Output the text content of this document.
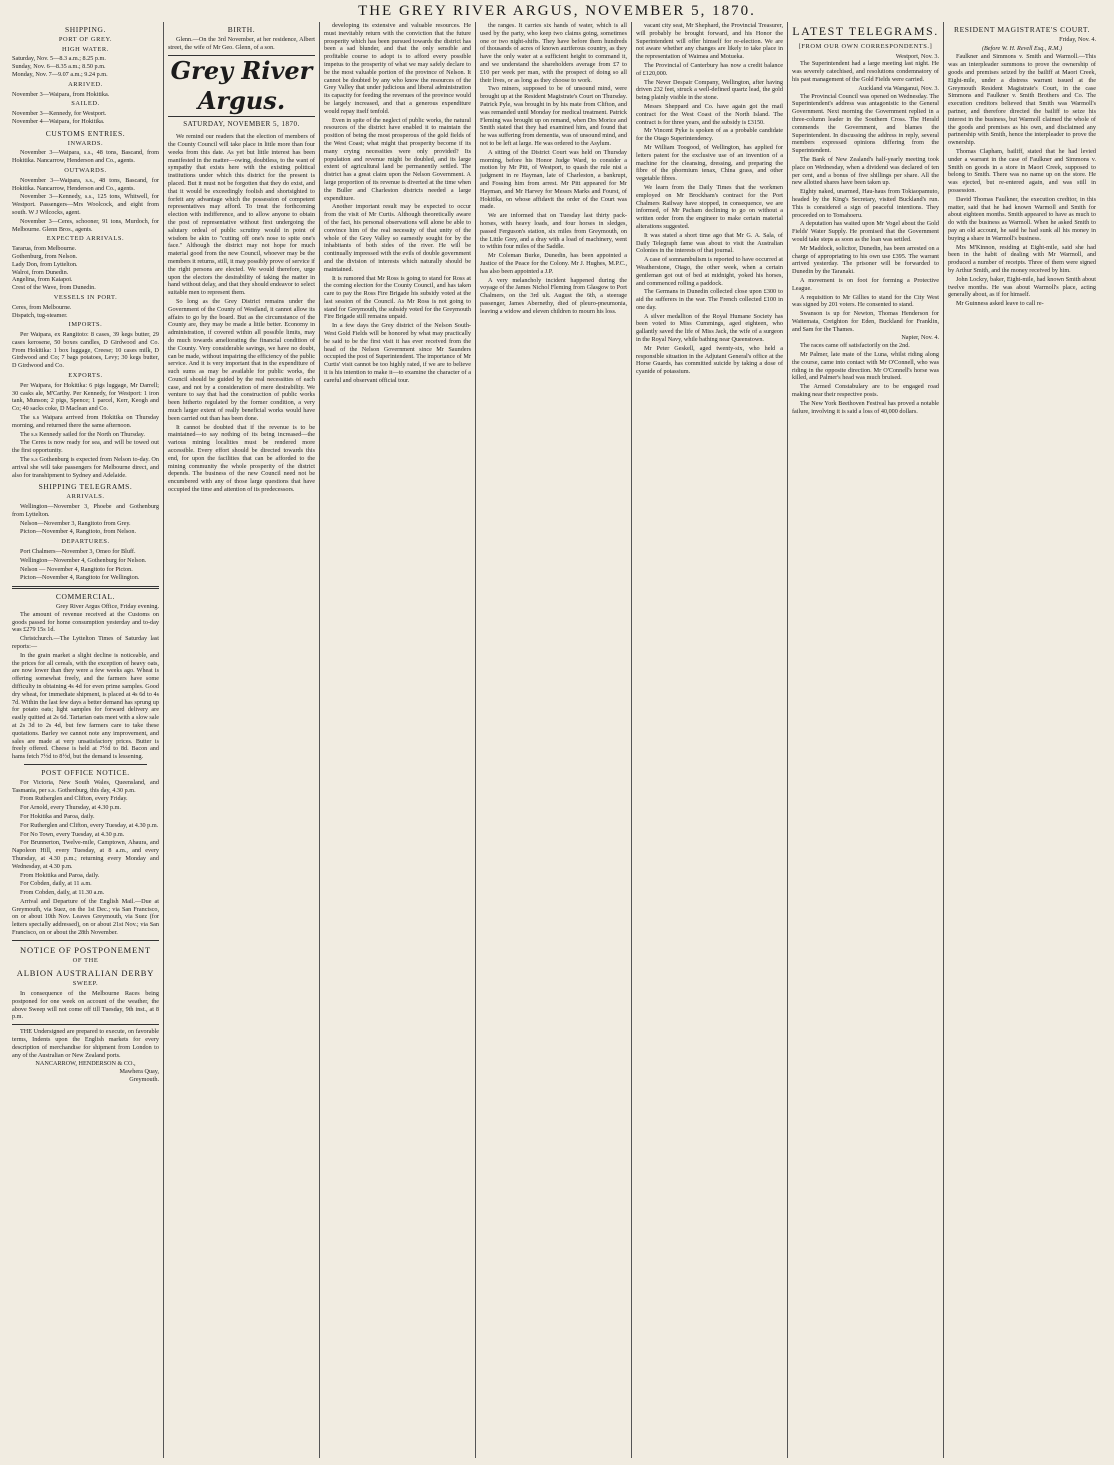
THE GREY RIVER ARGUS, NOVEMBER 5, 1870.
SHIPPING.
PORT OF GREY.
HIGH WATER.

Saturday, Nov. 5—8.3 a.m.; 8.25 p.m.

Sunday, Nov. 6—8.35 a.m.; 8.50 p.m.

Monday, Nov. 7—9.07 a.m.; 9.24 p.m.

ARRIVED.

November 3—Waipara, from Hokitika.

SAILED.

November 3—Kennedy, for Westport.

November 4—Waipara, for Hokitika.

CUSTOMS ENTRIES.
INWARDS.

November 3—Waipara, s.s., 48 tons, Bascand, from Hokitika. Nancarrow, Henderson and Co., agents.

OUTWARDS.

November 3—Waipara, s.s., 48 tons, Bascand, for Hokitika. Nancarrow, Henderson and Co., agents.

November 3—Kennedy, s.s., 125 tons, Whitwell, for Westport. Passengers—Mrs Woolcock, and eight from south. W J Wilcocks, agent.

November 3—Ceres, schooner, 91 tons, Murdoch, for Melbourne. Glenn Bros., agents.

EXPECTED ARRIVALS.

Tararua, from Melbourne.

Gothenburg, from Nelson.

Lady Don, from Lyttelton.

Walroi, from Dunedin.

Angelina, from Kaiapoi.

Crest of the Wave, from Dunedin.

VESSELS IN PORT.

Ceres, from Melbourne.

Dispatch, tug-steamer.

IMPORTS.

Per Waipara, ex Rangitoto: 8 cases, 39 kegs butter, 29 cases kerosene, 50 boxes candles, D Girdwood and Co. From Hokitika: 1 box luggage, Creese; 10 cases milk, D Girdwood and Co; 7 bags potatoes, Levy; 30 kegs butter, D Girdwood and Co.

EXPORTS.

Per Waipara, for Hokitika: 6 pigs luggage, Mr Darrell; 30 casks ale, M'Carthy. Per Kennedy, for Westport: 1 iron tank, Munson; 2 pigs, Spence; 1 parcel, Kerr, Keogh and Co; 40 sacks coke, D Maclean and Co.

The s.s Waipara arrived from Hokitika on Thursday morning, and returned there the same afternoon.

The s.s Kennedy sailed for the North on Thursday.

The Ceres is now ready for sea, and will be towed out the first opportunity.

The s.s Gothenburg is expected from Nelson to-day. On arrival she will take passengers for Melbourne direct, and also for transhipment to Sydney and Adelaide.

SHIPPING TELEGRAMS.
ARRIVALS.

Wellington—November 3, Phoebe and Gothenburg from Lyttelton.

Nelson—November 3, Rangitoto from Grey.

Picton—November 4, Rangitoto, from Nelson.

DEPARTURES.

Port Chalmers—November 3, Omeo for Bluff.

Wellington—November 4, Gothenburg for Nelson.

Nelson — November 4, Rangitoto for Picton.

Picton—November 4, Rangitoto for Wellington.

COMMERCIAL.

Grey River Argus Office, Friday evening.

The amount of revenue received at the Customs on goods passed for home consumption yesterday and to-day was £279 15s 1d.

Christchurch.—The Lyttelton Times of Saturday last reports:—

In the grain market a slight decline is noticeable, and the prices for all cereals, with the exception of heavy oats, are now lower than they were a few weeks ago. Wheat is offering somewhat freely, and the farmers have some difficulty in obtaining 4s 4d for even prime samples. Good dry wheat, for immediate shipment, is placed at 4s 6d to 4s 7d. Within the last few days a better demand has sprung up for potato oats; light samples for forward delivery are easily quitted at 2s 6d. Tartarian oats meet with a slow sale at 2s 3d to 2s 4d, but few farmers care to take these quotations. Barley we cannot note any improvement, and sales are made at very unsatisfactory prices. Butter is freely offered. Cheese is held at 7½d to 8d. Bacon and hams fetch 7½d to 8½d, but the demand is lessening.

POST OFFICE NOTICE.

For Victoria, New South Wales, Queensland, and Tasmania, per s.s. Gothenburg, this day, 4.30 p.m.

From Rutherglen and Clifton, every Friday.

For Arnold, every Thursday, at 4.30 p.m.

For Hokitika and Paroa, daily.

For Rutherglen and Clifton, every Tuesday, at 4.30 p.m.

For No Town, every Tuesday, at 4.30 p.m.

For Brunnerton, Twelve-mile, Camptown, Ahaura, and Napoleon Hill, every Tuesday, at 8 a.m., and every Thursday, at 4.30 p.m.; returning every Monday and Wednesday, at 4.30 p.m.

From Hokitika and Paroa, daily.

For Cobden, daily, at 11 a.m.

From Cobden, daily, at 11.30 a.m.

Arrival and Departure of the English Mail.—Due at Greymouth, via Suez, on the 1st Dec.; via San Francisco, on or about 10th Nov. Leaves Greymouth, via Suez (for letters specially addressed), on or about 21st Nov.; via San Francisco, on or about the 28th November.

NOTICE OF POSTPONEMENT
OF THE
ALBION AUSTRALIAN DERBY
SWEEP.

In consequence of the Melbourne Races being postponed for one week on account of the weather, the above Sweep will not come off till Tuesday, 9th inst., at 8 p.m.

THE Undersigned are prepared to execute, on favorable terms, Indents upon the English markets for every description of merchandise for shipment from London to any of the Australian or New Zealand ports.

NANCARROW, HENDERSON & CO.,

Mawhera Quay,

Greymouth.

BIRTH.

Glenn.—On the 3rd November, at her residence, Albert street, the wife of Mr Geo. Glenn, of a son.

Grey River Argus.
SATURDAY, NOVEMBER 5, 1870.

We remind our readers that the election of members of the County Council will take place in little more than four weeks from this date. As yet but little interest has been manifested in the matter—owing, doubtless, to the want of sympathy that exists here with the existing political institutions under which this district for the present is placed. But it must not be forgotten that they do exist, and that it would be exceedingly foolish and shortsighted to forfeit any advantage which the possession of competent representatives may afford. To treat the forthcoming election with indifference, and to allow anyone to obtain the post of representative without first undergoing the salutary ordeal of public scrutiny would in point of wisdom be akin to "cutting off one's nose to spite one's face." Although the district may not hope for much material good from the new Council, whoever may be the members it returns, still, it may possibly prove of service if the right persons are elected. We would therefore, urge upon the electors the desirability of taking the matter in hand without delay, and that they should endeavor to select suitable men to represent them.

So long as the Grey District remains under the Government of the County of Westland, it cannot allow its affairs to go by the board. But as the circumstance of the County are, they may be made a little better. Economy in administration, if covered within all possible limits, may do much towards ameliorating the financial condition of the County. Very considerable savings, we have no doubt, can be made, without impairing the efficiency of the public service. And it is very important that in the expenditure of such sums as may be available for public works, the Council should be guided by the real necessities of each case, and not by a consideration of mere desirability. We venture to say that had the construction of public works been hitherto regulated by the former condition, a very much larger extent of really beneficial works would have been carried out than has been done.

It cannot be doubted that if the revenue is to be maintained—to say nothing of its being increased—the various mining localities must be rendered more accessible. Every effort should be directed towards this end, for upon the facilities that can be afforded to the mining community the whole prosperity of the district depends. The business of the new Council need not be encumbered with any of those large questions that have occupied the time and attention of its predecessors.

developing its extensive and valuable resources. He must inevitably return with the conviction that the future prosperity which has been pursued towards the district has been a sad blunder, and that the only sensible and profitable course to adopt is to afford every possible impetus to the prosperity of what we may safely declare to be the most valuable portion of the province of Nelson. It cannot be doubted by any who know the resources of the Grey Valley that under judicious and liberal administration its capacity for feeding the revenues of the province would be largely increased, and that a generous expenditure would repay itself tenfold.

Even in spite of the neglect of public works, the natural resources of the district have enabled it to maintain the position of being the most prosperous of the gold fields of the West Coast; what might that prosperity become if its many crying necessities were only provided? Its population and revenue might be doubled, and its large extent of agricultural land be permanently settled. The district has a great claim upon the Nelson Government. A large proportion of its revenue is diverted at the time when the Buller and Charleston districts needed a large expenditure.

Another important result may be expected to occur from the visit of Mr Curtis. Although theoretically aware of the fact, his personal observations will alone be able to convince him of the real necessity of that unity of the whole of the Grey Valley so earnestly sought for by the inhabitants of both sides of the river. He will be continually impressed with the evils of double government and the division of interests which naturally should be maintained.

It is rumored that Mr Ross is going to stand for Ross at the coming election for the County Council, and has taken care to pay the Ross Fire Brigade his subsidy voted at the last session of the Council. As Mr Ross is not going to stand for Greymouth, the subsidy voted for the Greymouth Fire Brigade still remains unpaid.

In a few days the Grey district of the Nelson South-West Gold Fields will be honored by what may practically be said to be the first visit it has ever received from the head of the Nelson Government since Mr Saunders occupied the post of Superintendent. The importance of Mr Curtis' visit cannot be too highly rated, if we are to believe it is his intention to make it—to examine the character of a careful and observant official tour.

the ranges. It carries six hands of water, which is all used by the party, who keep two claims going, sometimes one or two night-shifts. They have before them hundreds of thousands of acres of known auriferous country, as they have the only water at a sufficient height to command it, and we understand the shareholders average from £7 to £10 per week per man, with the prospect of doing so all their lives, or as long as they choose to work.

Two miners, supposed to be of unsound mind, were brought up at the Resident Magistrate's Court on Thursday. Patrick Pyle, was brought in by his mate from Clifton, and was remanded until Monday for medical treatment. Patrick Fleming was brought up on remand, when Drs Morice and Smith stated that they had examined him, and found that he was suffering from dementia, was of unsound mind, and not to be left at large. He was ordered to the Asylum.

A sitting of the District Court was held on Thursday morning, before his Honor Judge Ward, to consider a motion by Mr Pitt, of Westport, to quash the rule nisi a judgment in re Hayman, late of Charleston, a bankrupt, and Fossing him from arrest. Mr Pitt appeared for Mr Hayman, and Mr Harvey for Messrs Marks and Fourst, of Hokitika, on whose affidavit the order of the Court was made.

We are informed that on Tuesday last thirty pack-horses, with heavy loads, and four horses in sledges, passed Ferguson's station, six miles from Greymouth, on the Little Grey, and a dray with a load of machinery, went to within four miles of the Saddle.

Mr Coleman Burke, Dunedin, has been appointed a Justice of the Peace for the Colony. Mr J. Hughes, M.P.C., has also been appointed a J.P.

A very melancholy incident happened during the voyage of the James Nichol Fleming from Glasgow to Port Chalmers, on the 3rd ult. August the 6th, a steerage passenger, James Abernethy, died of pleuro-pneumonia, leaving a widow and eleven children to mourn his loss.

vacant city seat, Mr Shephard, the Provincial Treasurer, will probably be brought forward, and his Honor the Superintendent will offer himself for re-election. We are not aware whether any changes are likely to take place in the representation of Waimea and Motueka.

The Provincial of Canterbury has now a credit balance of £120,000.

The Never Despair Company, Wellington, after having driven 232 feet, struck a well-defined quartz lead, the gold being plainly visible in the stone.

Messrs Sheppard and Co. have again got the mail contract for the West Coast of the North Island. The contract is for three years, and the subsidy is £3150.

Mr Vincent Pyke is spoken of as a probable candidate for the Otago Superintendency.

Mr William Toogood, of Wellington, has applied for letters patent for the exclusive use of an invention of a machine for the cleansing, dressing, and preparing the fibre of the phormium tenax, China grass, and other vegetable fibres.

We learn from the Daily Times that the workmen employed on Mr Brockham's contract for the Port Chalmers Railway have stopped, in consequence, we are informed, of Mr Pacham declining to go on without a written order from the engineer to make certain material alterations suggested.

It was stated a short time ago that Mr G. A. Sala, of Daily Telegraph fame was about to visit the Australian Colonies in the interests of that journal.

A case of somnambulism is reported to have occurred at Weatherstone, Otago, the other week, when a certain gentleman got out of bed at midnight, yoked his horses, and commenced rolling a paddock.

The Germans in Dunedin collected close upon £300 to aid the sufferers in the war. The French collected £100 in one day.

A silver medallion of the Royal Humane Society has been voted to Miss Cummings, aged eighteen, who gallantly saved the life of Miss Jack, the wife of a surgeon in the Royal Navy, while bathing near Queenstown.

Mr Peter Geskell, aged twenty-six, who held a responsible situation in the Adjutant General's office at the Horse Guards, has committed suicide by taking a dose of cyanide of potassium.

LATEST TELEGRAMS.
[FROM OUR OWN CORRESPONDENTS.]

Westport, Nov. 3.

The Superintendent had a large meeting last night. He was severely catechised, and resolutions condemnatory of his past management of the Gold Fields were carried.

Auckland via Wanganui, Nov. 3.

The Provincial Council was opened on Wednesday. The Superintendent's address was antagonistic to the General Government. Next morning the Government replied in a three-column leader in the Southern Cross. The Herald commends the Government, and blames the Superintendent. In discussing the address in reply, several members expressed opinions differing from the Superintendent.

The Bank of New Zealand's half-yearly meeting took place on Wednesday, when a dividend was declared of ten per cent, and a bonus of five shillings per share. All the new allotted shares have been taken up.

Eighty naked, unarmed, Hau-haus from Tokiaopamuto, headed by the King's Secretary, visited Buckland's run. This is considered a sign of peaceful intentions. They proceeded on to Tomahoeru.

A deputation has waited upon Mr Vogel about the Gold Fields' Water Supply. He promised that the Government would take steps as soon as the loan was settled.

Mr Maddock, solicitor, Dunedin, has been arrested on a charge of appropriating to his own use £395. The warrant arrived yesterday. The prisoner will be forwarded to Dunedin by the Taranaki.

A movement is on foot for forming a Protective League.

A requisition to Mr Gillies to stand for the City West was signed by 201 voters. He consented to stand.

Swanson is up for Newton, Thomas Henderson for Waitemata, Creighton for Eden, Buckland for Franklin, and Sam for the Thames.

Napier, Nov. 4.

The races came off satisfactorily on the 2nd.

Mr Palmer, late mate of the Luna, whilst riding along the course, came into contact with Mr O'Connell, who was riding in the opposite direction. Mr O'Connell's horse was killed, and Palmer's head was much bruised.

The Armed Constabulary are to be engaged road making near their respective posts.

The New York Beethoven Festival has proved a notable failure, involving it is said a loss of 40,000 dollars.

RESIDENT MAGISTRATE'S COURT.

Friday, Nov. 4.

(Before W. H. Revell Esq., R.M.)

Faulkner and Simmons v. Smith and Warmoll.—This was an interpleader summons to prove the ownership of goods and premises seized by the bailiff at Maori Creek, Eight-mile, under a distress warrant issued at the Greymouth Resident Magistrate's Court, in the case Simmons and Faulkner v. Smith Brothers and Co. The execution creditors believed that Smith was Warmoll's partner, and therefore directed the bailiff to seize his interest in the business, but Warmoll claimed the whole of the goods and premises as his own, and disclaimed any partnership with Smith, hence the interpleader to prove the ownership.

Thomas Clapham, bailiff, stated that he had levied under a warrant in the case of Faulkner and Simmons v. Smith on goods in a store in Maori Creek, supposed to belong to Smith. There was no name up on the store. He was ejected, but re-entered again, and was still in possession.

David Thomas Faulkner, the execution creditor, in this matter, said that he had known Warmoll and Smith for about eighteen months. Smith appeared to have as much to do with the business as Warmoll. When he asked Smith to pay an old account, he said he had sunk all his money in buying a share in Warmoll's business.

Mrs M'Kinnon, residing at Eight-mile, said she had been in the habit of dealing with Mr Warmoll, and produced a number of receipts. Three of them were signed by Arthur Smith, and the money received by him.

John Lockry, baker, Eight-mile, had known Smith about twelve months. He was about Warmoll's place, acting generally about, as if for himself.

Mr Guinness asked leave to call re-
